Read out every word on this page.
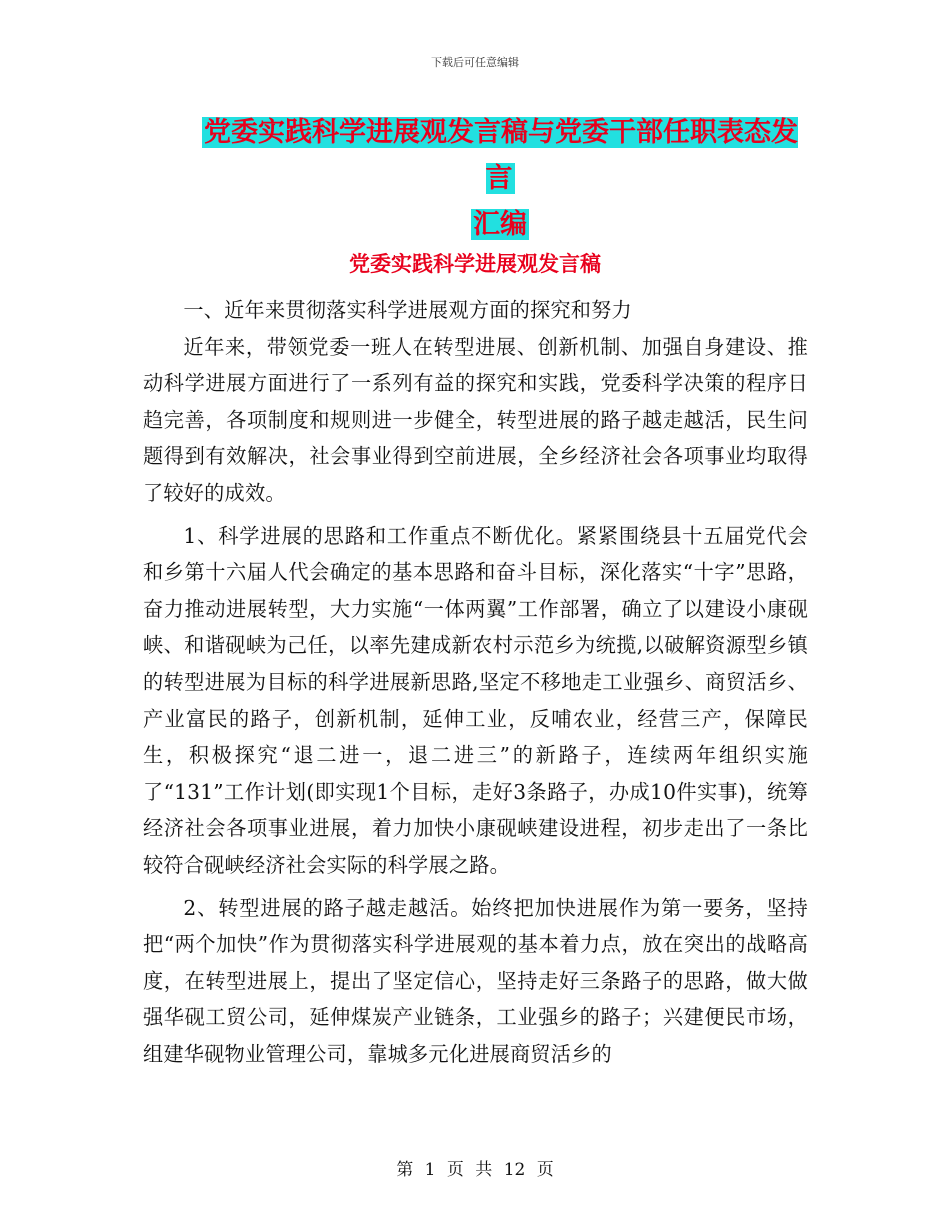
下载后可任意编辑
党委实践科学进展观发言稿与党委干部任职表态发言
汇编
党委实践科学进展观发言稿

一、近年来贯彻落实科学进展观方面的探究和努力

近年来，带领党委一班人在转型进展、创新机制、加强自身建设、推动科学进展方面进行了一系列有益的探究和实践，党委科学决策的程序日趋完善，各项制度和规则进一步健全，转型进展的路子越走越活，民生问题得到有效解决，社会事业得到空前进展，全乡经济社会各项事业均取得了较好的成效。

1、科学进展的思路和工作重点不断优化。紧紧围绕县十五届党代会和乡第十六届人代会确定的基本思路和奋斗目标，深化落实“十字”思路，奋力推动进展转型，大力实施“一体两翼”工作部署，确立了以建设小康砚峡、和谐砚峡为己任，以率先建成新农村示范乡为统揽,以破解资源型乡镇的转型进展为目标的科学进展新思路,坚定不移地走工业强乡、商贸活乡、产业富民的路子，创新机制，延伸工业，反哺农业，经营三产，保障民生，积极探究“退二进一，退二进三”的新路子，连续两年组织实施了“131”工作计划(即实现1个目标，走好3条路子，办成10件实事)，统筹经济社会各项事业进展，着力加快小康砚峡建设进程，初步走出了一条比较符合砚峡经济社会实际的科学展之路。

2、转型进展的路子越走越活。始终把加快进展作为第一要务，坚持把“两个加快”作为贯彻落实科学进展观的基本着力点，放在突出的战略高度，在转型进展上，提出了坚定信心，坚持走好三条路子的思路，做大做强华砚工贸公司，延伸煤炭产业链条，工业强乡的路子；兴建便民市场，组建华砚物业管理公司，靠城多元化进展商贸活乡的

第 1 页 共 12 页
